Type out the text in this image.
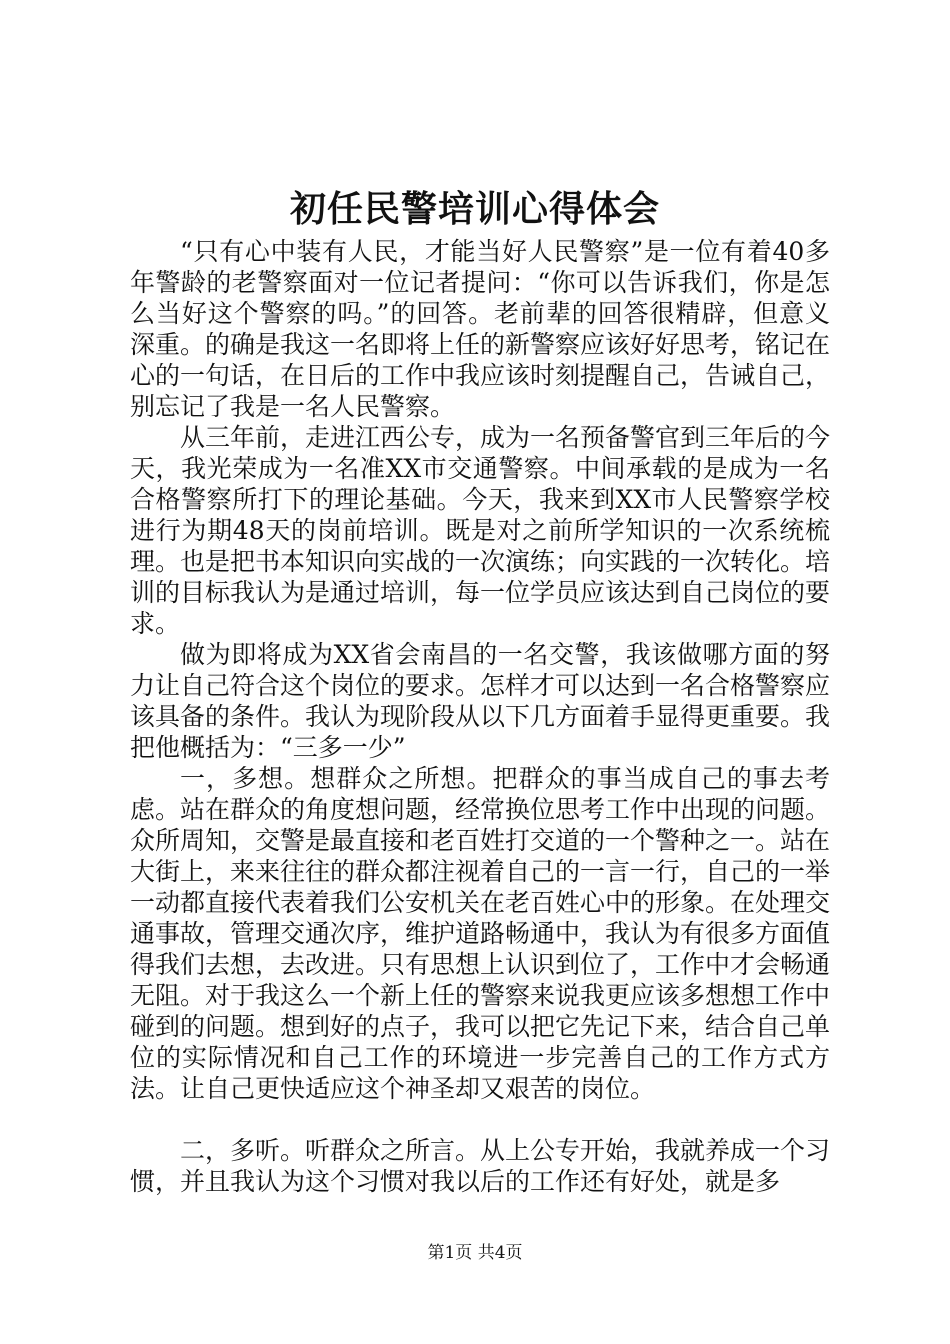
初任民警培训心得体会

“只有心中装有人民，才能当好人民警察”是一位有着40多年警龄的老警察面对一位记者提问：“你可以告诉我们，你是怎么当好这个警察的吗。”的回答。老前辈的回答很精辟，但意义深重。的确是我这一名即将上任的新警察应该好好思考，铭记在心的一句话，在日后的工作中我应该时刻提醒自己，告诫自己，别忘记了我是一名人民警察。

从三年前，走进江西公专，成为一名预备警官到三年后的今天，我光荣成为一名准XX市交通警察。中间承载的是成为一名合格警察所打下的理论基础。今天，我来到XX市人民警察学校进行为期48天的岗前培训。既是对之前所学知识的一次系统梳理。也是把书本知识向实战的一次演练；向实践的一次转化。培训的目标我认为是通过培训，每一位学员应该达到自己岗位的要求。

做为即将成为XX省会南昌的一名交警，我该做哪方面的努力让自己符合这个岗位的要求。怎样才可以达到一名合格警察应该具备的条件。我认为现阶段从以下几方面着手显得更重要。我把他概括为：“三多一少”

一，多想。想群众之所想。把群众的事当成自己的事去考虑。站在群众的角度想问题，经常换位思考工作中出现的问题。众所周知，交警是最直接和老百姓打交道的一个警种之一。站在大街上，来来往往的群众都注视着自己的一言一行，自己的一举一动都直接代表着我们公安机关在老百姓心中的形象。在处理交通事故，管理交通次序，维护道路畅通中，我认为有很多方面值得我们去想，去改进。只有思想上认识到位了，工作中才会畅通无阻。对于我这么一个新上任的警察来说我更应该多想想工作中碰到的问题。想到好的点子，我可以把它先记下来，结合自己单位的实际情况和自己工作的环境进一步完善自己的工作方式方法。让自己更快适应这个神圣却又艰苦的岗位。

二，多听。听群众之所言。从上公专开始，我就养成一个习惯，并且我认为这个习惯对我以后的工作还有好处，就是多

第1页 共4页
